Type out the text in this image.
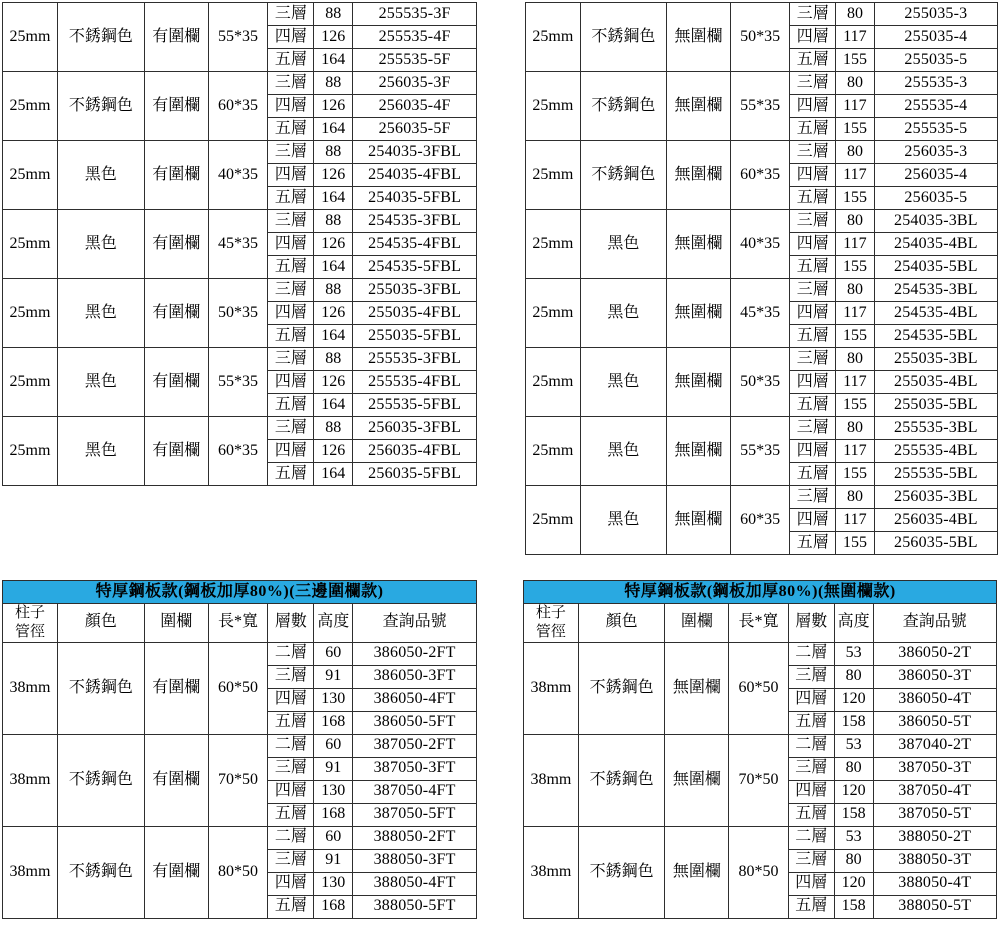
25mm	不銹鋼色	有圍欄	55*35	三層	88	255535-3F
				四層	126	255535-4F
				五層	164	255535-5F
25mm	不銹鋼色	有圍欄	60*35	三層	88	256035-3F
				四層	126	256035-4F
				五層	164	256035-5F
25mm	黑色	有圍欄	40*35	三層	88	254035-3FBL
				四層	126	254035-4FBL
				五層	164	254035-5FBL
25mm	黑色	有圍欄	45*35	三層	88	254535-3FBL
				四層	126	254535-4FBL
				五層	164	254535-5FBL
25mm	黑色	有圍欄	50*35	三層	88	255035-3FBL
				四層	126	255035-4FBL
				五層	164	255035-5FBL
25mm	黑色	有圍欄	55*35	三層	88	255535-3FBL
				四層	126	255535-4FBL
				五層	164	255535-5FBL
25mm	黑色	有圍欄	60*35	三層	88	256035-3FBL
				四層	126	256035-4FBL
				五層	164	256035-5FBL
25mm	不銹鋼色	無圍欄	50*35	三層	80	255035-3
				四層	117	255035-4
				五層	155	255035-5
25mm	不銹鋼色	無圍欄	55*35	三層	80	255535-3
				四層	117	255535-4
				五層	155	255535-5
25mm	不銹鋼色	無圍欄	60*35	三層	80	256035-3
				四層	117	256035-4
				五層	155	256035-5
25mm	黑色	無圍欄	40*35	三層	80	254035-3BL
				四層	117	254035-4BL
				五層	155	254035-5BL
25mm	黑色	無圍欄	45*35	三層	80	254535-3BL
				四層	117	254535-4BL
				五層	155	254535-5BL
25mm	黑色	無圍欄	50*35	三層	80	255035-3BL
				四層	117	255035-4BL
				五層	155	255035-5BL
25mm	黑色	無圍欄	55*35	三層	80	255535-3BL
				四層	117	255535-4BL
				五層	155	255535-5BL
25mm	黑色	無圍欄	60*35	三層	80	256035-3BL
				四層	117	256035-4BL
				五層	155	256035-5BL
特厚鋼板款(鋼板加厚80%)(三邊圍欄款)						

柱子
管徑	顏色	圍欄	長*寬	層數	高度	查詢品號
38mm	不銹鋼色	有圍欄	60*50	二層	60	386050-2FT
				三層	91	386050-3FT
				四層	130	386050-4FT
				五層	168	386050-5FT
38mm	不銹鋼色	有圍欄	70*50	二層	60	387050-2FT
				三層	91	387050-3FT
				四層	130	387050-4FT
				五層	168	387050-5FT
38mm	不銹鋼色	有圍欄	80*50	二層	60	388050-2FT
				三層	91	388050-3FT
				四層	130	388050-4FT
				五層	168	388050-5FT
特厚鋼板款(鋼板加厚80%)(無圍欄款)						

柱子
管徑	顏色	圍欄	長*寬	層數	高度	查詢品號
38mm	不銹鋼色	無圍欄	60*50	二層	53	386050-2T
				三層	80	386050-3T
				四層	120	386050-4T
				五層	158	386050-5T
38mm	不銹鋼色	無圍欄	70*50	二層	53	387040-2T
				三層	80	387050-3T
				四層	120	387050-4T
				五層	158	387050-5T
38mm	不銹鋼色	無圍欄	80*50	二層	53	388050-2T
				三層	80	388050-3T
				四層	120	388050-4T
				五層	158	388050-5T
